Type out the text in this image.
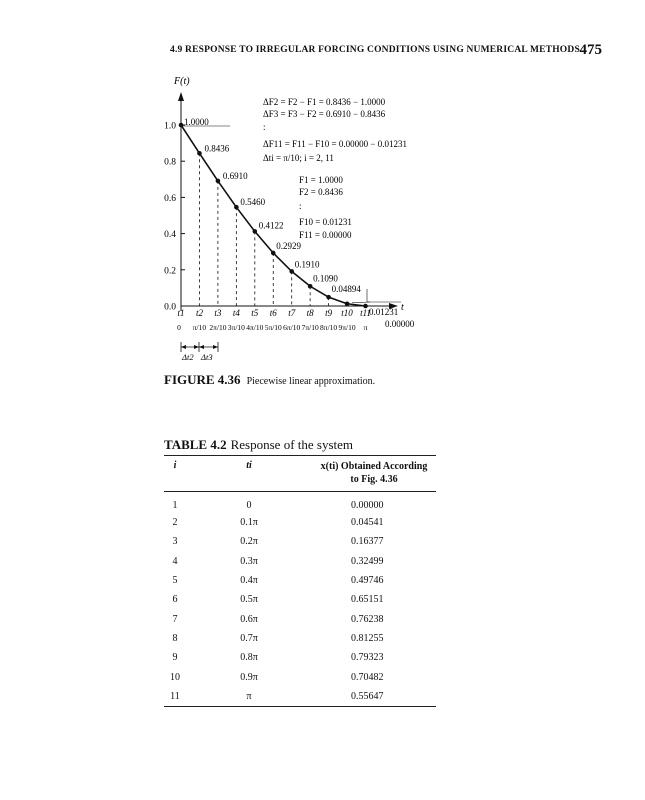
4.9 RESPONSE TO IRREGULAR FORCING CONDITIONS USING NUMERICAL METHODS 475
1.0
0.8
0.6
0.4
0.2
0.0
1.0000
0.8436
0.6910
0.5460
0.4122
0.2929
0.1910
0.1090
0.04894
0.01231
t1 t2 t3 t4 t5 t6 t7 t8 t9 t10 t11
0 π/10 2π/10 3π/10 4π/10 5π/10 6π/10 7π/10 8π/10 9π/10 π
F(t)
t
0.00000
Δt2 Δt3
ΔF2 = F2 − F1 = 0.8436 − 1.0000
ΔF3 = F3 − F2 = 0.6910 − 0.8436
:
ΔF11 = F11 − F10 = 0.00000 − 0.01231
Δti = π/10; i = 2, 11
F1 = 1.0000
F2 = 0.8436
:
F10 = 0.01231
F11 = 0.00000
FIGURE 4.36 Piecewise linear approximation.
TABLE 4.2 Response of the system
i	ti	x(ti) Obtained According
to Fig. 4.36
1	0	0.00000
2	0.1π	0.04541
3	0.2π	0.16377
4	0.3π	0.32499
5	0.4π	0.49746
6	0.5π	0.65151
7	0.6π	0.76238
8	0.7π	0.81255
9	0.8π	0.79323
10	0.9π	0.70482
11	π	0.55647
